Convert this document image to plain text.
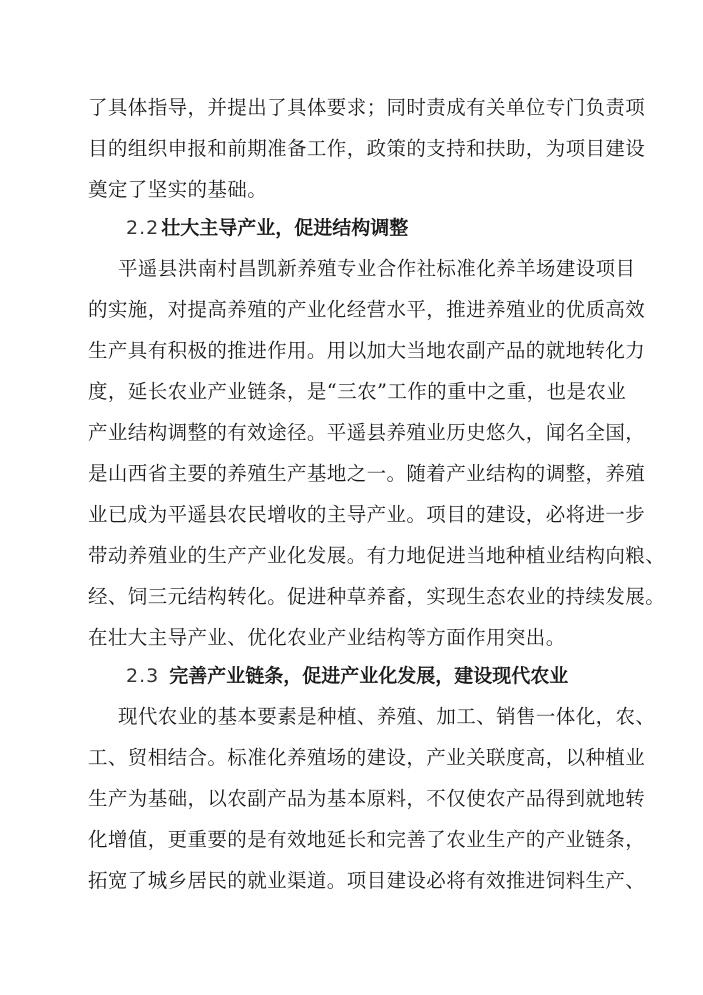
了具体指导，并提出了具体要求；同时责成有关单位专门负责项
目的组织申报和前期准备工作，政策的支持和扶助，为项目建设
奠定了坚实的基础。
2.2 壮大主导产业，促进结构调整
平遥县洪南村昌凯新养殖专业合作社标准化养羊场建设项目
的实施，对提高养殖的产业化经营水平，推进养殖业的优质高效
生产具有积极的推进作用。用以加大当地农副产品的就地转化力
度，延长农业产业链条，是“三农”工作的重中之重，也是农业
产业结构调整的有效途径。平遥县养殖业历史悠久，闻名全国，
是山西省主要的养殖生产基地之一。随着产业结构的调整，养殖
业已成为平遥县农民增收的主导产业。项目的建设，必将进一步
带动养殖业的生产产业化发展。有力地促进当地种植业结构向粮、
经、饲三元结构转化。促进种草养畜，实现生态农业的持续发展。
在壮大主导产业、优化农业产业结构等方面作用突出。
2.3 完善产业链条，促进产业化发展，建设现代农业
现代农业的基本要素是种植、养殖、加工、销售一体化，农、
工、贸相结合。标准化养殖场的建设，产业关联度高，以种植业
生产为基础，以农副产品为基本原料，不仅使农产品得到就地转
化增值，更重要的是有效地延长和完善了农业生产的产业链条，
拓宽了城乡居民的就业渠道。项目建设必将有效推进饲料生产、
